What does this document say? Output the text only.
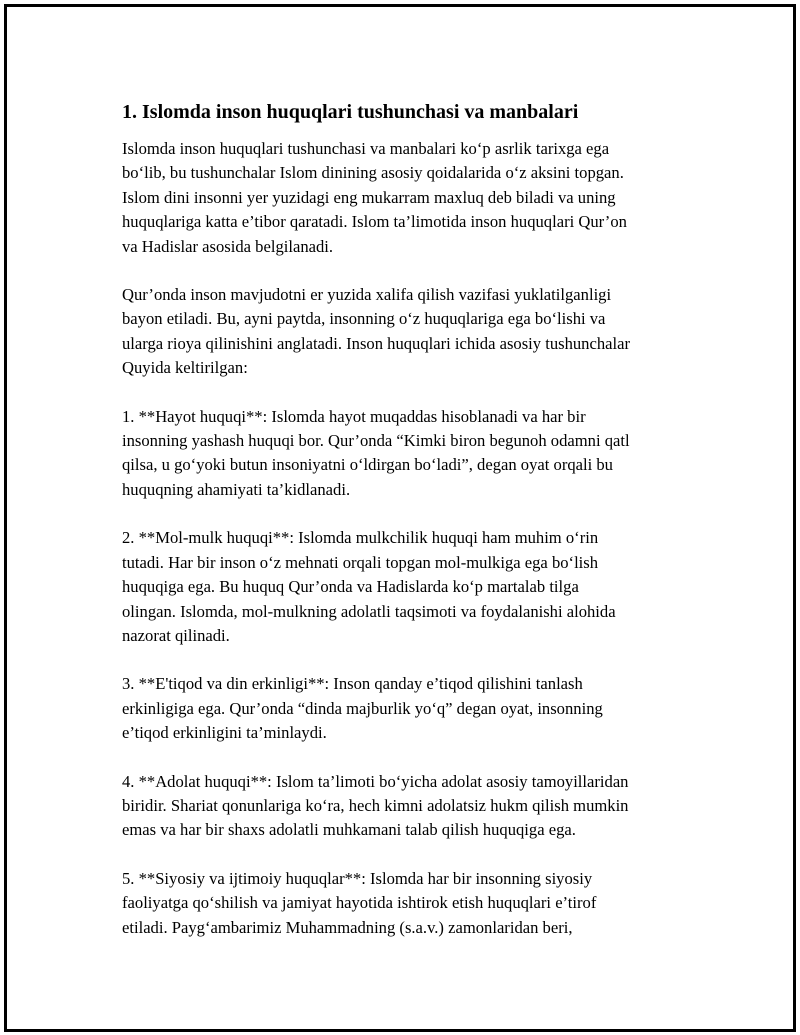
1. Islomda inson huquqlari tushunchasi va manbalari
Islomda inson huquqlari tushunchasi va manbalari ko‘p asrlik tarixga ega
bo‘lib, bu tushunchalar Islom dinining asosiy qoidalarida o‘z aksini topgan.
Islom dini insonni yer yuzidagi eng mukarram maxluq deb biladi va uning
huquqlariga katta e’tibor qaratadi. Islom ta’limotida inson huquqlari Qur’on
va Hadislar asosida belgilanadi.
Qur’onda inson mavjudotni er yuzida xalifa qilish vazifasi yuklatilganligi
bayon etiladi. Bu, ayni paytda, insonning o‘z huquqlariga ega bo‘lishi va
ularga rioya qilinishini anglatadi. Inson huquqlari ichida asosiy tushunchalar
Quyida keltirilgan:
1. **Hayot huquqi**: Islomda hayot muqaddas hisoblanadi va har bir
insonning yashash huquqi bor. Qur’onda “Kimki biron begunoh odamni qatl
qilsa, u go‘yoki butun insoniyatni o‘ldirgan bo‘ladi”, degan oyat orqali bu
huquqning ahamiyati ta’kidlanadi.
2. **Mol-mulk huquqi**: Islomda mulkchilik huquqi ham muhim o‘rin
tutadi. Har bir inson o‘z mehnati orqali topgan mol-mulkiga ega bo‘lish
huquqiga ega. Bu huquq Qur’onda va Hadislarda ko‘p martalab tilga
olingan. Islomda, mol-mulkning adolatli taqsimoti va foydalanishi alohida
nazorat qilinadi.
3. **E'tiqod va din erkinligi**: Inson qanday e’tiqod qilishini tanlash
erkinligiga ega. Qur’onda “dinda majburlik yo‘q” degan oyat, insonning
e’tiqod erkinligini ta’minlaydi.
4. **Adolat huquqi**: Islom ta’limoti bo‘yicha adolat asosiy tamoyillaridan
biridir. Shariat qonunlariga ko‘ra, hech kimni adolatsiz hukm qilish mumkin
emas va har bir shaxs adolatli muhkamani talab qilish huquqiga ega.
5. **Siyosiy va ijtimoiy huquqlar**: Islomda har bir insonning siyosiy
faoliyatga qo‘shilish va jamiyat hayotida ishtirok etish huquqlari e’tirof
etiladi. Payg‘ambarimiz Muhammadning (s.a.v.) zamonlaridan beri,
